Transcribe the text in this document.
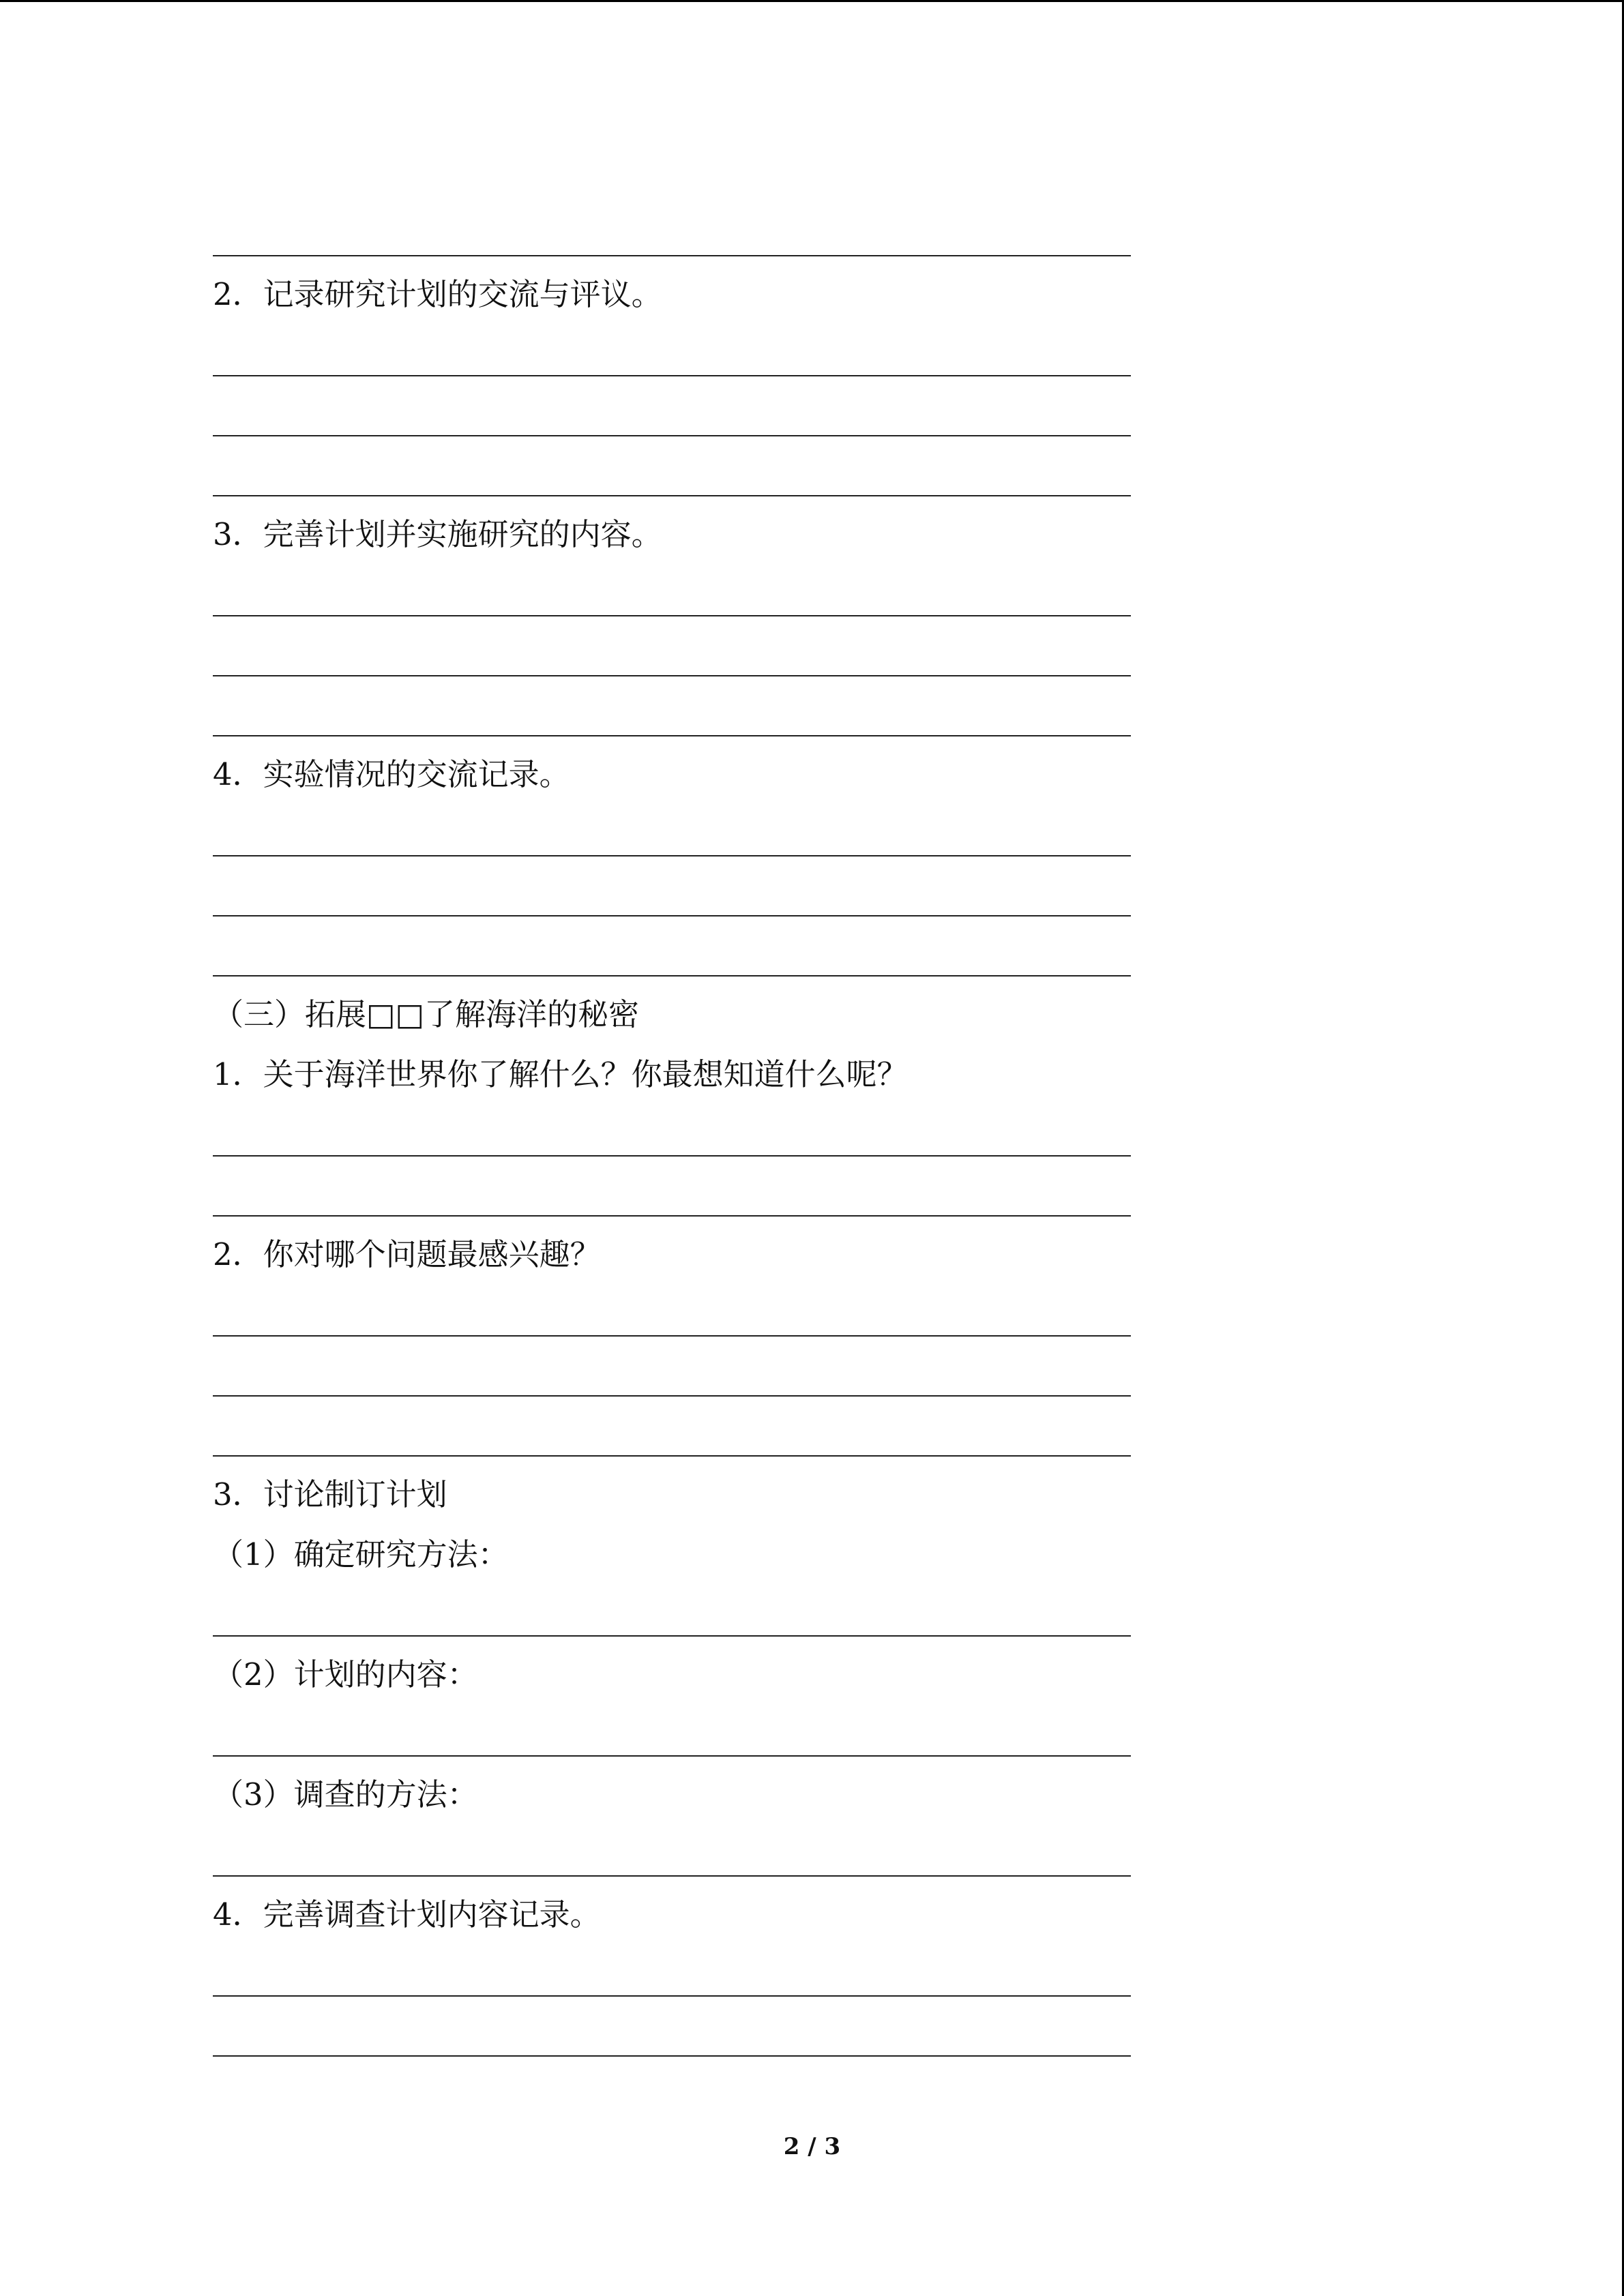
2．记录研究计划的交流与评议。
3．完善计划并实施研究的内容。
4．实验情况的交流记录。
（三）拓展□□了解海洋的秘密
1．关于海洋世界你了解什么？你最想知道什么呢？
2．你对哪个问题最感兴趣？
3．讨论制订计划
（1）确定研究方法：
（2）计划的内容：
（3）调查的方法：
4．完善调查计划内容记录。
2 / 3
